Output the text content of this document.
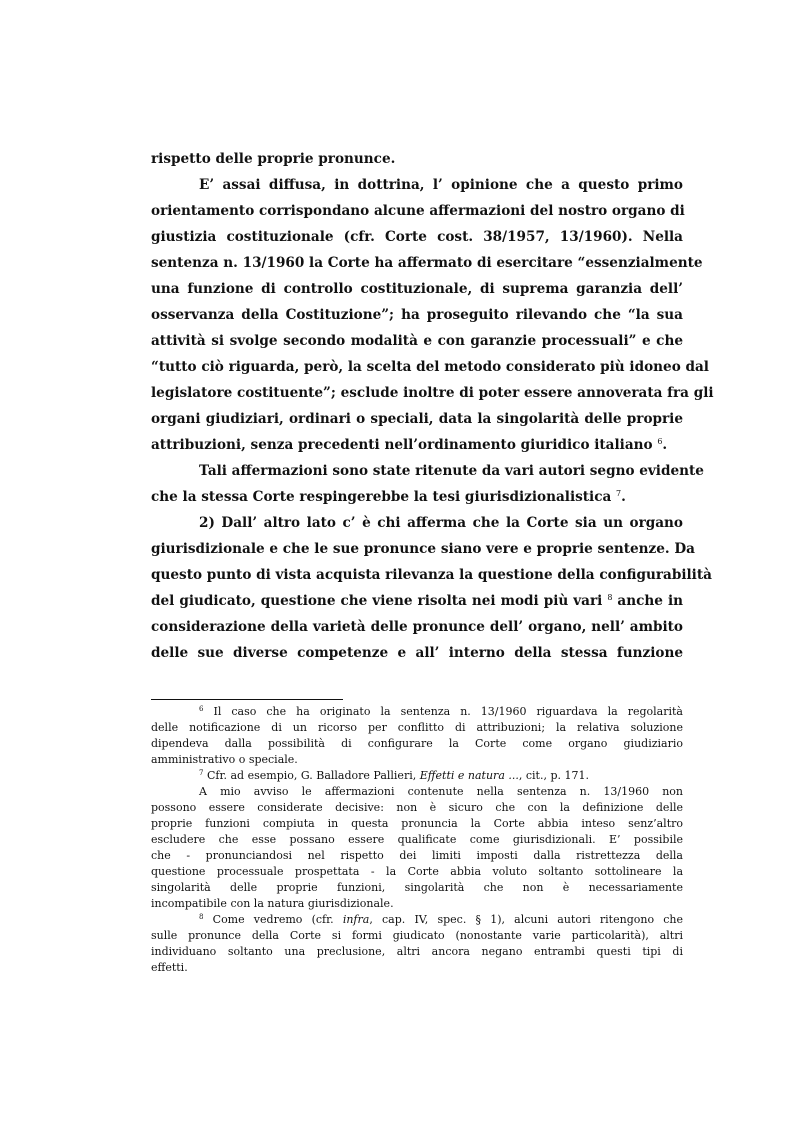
rispetto delle proprie pronunce.
E’ assai diffusa, in dottrina, l’ opinione che a questo primo
orientamento corrispondano alcune affermazioni del nostro organo di
giustizia costituzionale (cfr. Corte cost. 38/1957, 13/1960). Nella
sentenza n. 13/1960 la Corte ha affermato di esercitare “essenzialmente
una funzione di controllo costituzionale, di suprema garanzia dell’
osservanza della Costituzione”; ha proseguito rilevando che “la sua
attività si svolge secondo modalità e con garanzie processuali” e che
“tutto ciò riguarda, però, la scelta del metodo considerato più idoneo dal
legislatore costituente”; esclude inoltre di poter essere annoverata fra gli
organi giudiziari, ordinari o speciali, data la singolarità delle proprie
attribuzioni, senza precedenti nell’ordinamento giuridico italiano $^6$.
Tali affermazioni sono state ritenute da vari autori segno evidente
che la stessa Corte respingerebbe la tesi giurisdizionalistica $^7$.
2) Dall’ altro lato c’ è chi afferma che la Corte sia un organo
giurisdizionale e che le sue pronunce siano vere e proprie sentenze. Da
questo punto di vista acquista rilevanza la questione della configurabilità
del giudicato, questione che viene risolta nei modi più vari $^8$ anche in
considerazione della varietà delle pronunce dell’ organo, nell’ ambito
delle sue diverse competenze e all’ interno della stessa funzione
$^6$ Il caso che ha originato la sentenza n. 13/1960 riguardava la regolarità
delle notificazione di un ricorso per conflitto di attribuzioni; la relativa soluzione
dipendeva dalla possibilità di configurare la Corte come organo giudiziario
amministrativo o speciale.
$^7$ Cfr. ad esempio, G. Balladore Pallieri, Effetti e natura ..., cit., p. 171.
A mio avviso le affermazioni contenute nella sentenza n. 13/1960 non
possono essere considerate decisive: non è sicuro che con la definizione delle
proprie funzioni compiuta in questa pronuncia la Corte abbia inteso senz’altro
escludere che esse possano essere qualificate come giurisdizionali. E’ possibile
che - pronunciandosi nel rispetto dei limiti imposti dalla ristrettezza della
questione processuale prospettata - la Corte abbia voluto soltanto sottolineare la
singolarità delle proprie funzioni, singolarità che non è necessariamente
incompatibile con la natura giurisdizionale.
$^8$ Come vedremo (cfr. infra, cap. IV, spec. § 1), alcuni autori ritengono che
sulle pronunce della Corte si formi giudicato (nonostante varie particolarità), altri
individuano soltanto una preclusione, altri ancora negano entrambi questi tipi di
effetti.
